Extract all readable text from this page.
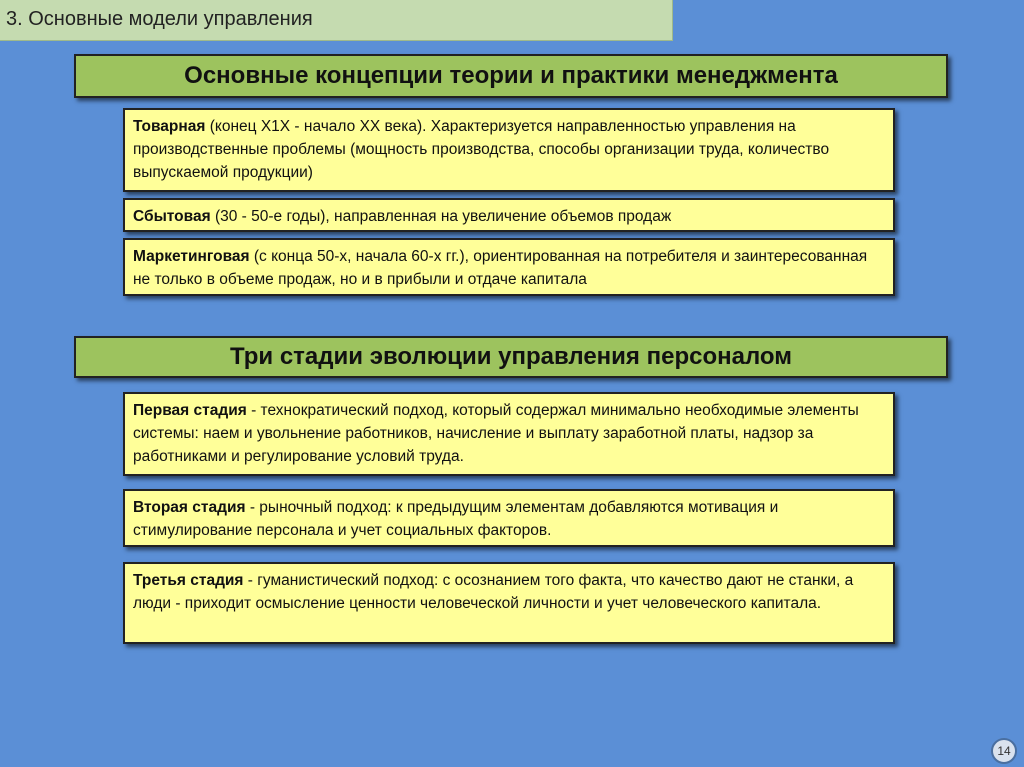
3. Основные модели управления
Основные концепции теории и практики менеджмента
Товарная (конец X1X - начало XX века). Характеризуется направленностью управления на производственные проблемы (мощность производства, способы организации труда, количество выпускаемой продукции)
Сбытовая (30 - 50-е годы), направленная на увеличение объемов продаж
Маркетинговая (с конца 50-х, начала 60-х гг.), ориентированная на потребителя и заинтересованная не только в объеме продаж, но и в прибыли и отдаче капитала
Три стадии эволюции управления персоналом
Первая стадия - технократический подход, который содержал минимально необходимые элементы системы: наем и увольнение работников, начисление и выплату заработной платы, надзор за работниками и регулирование условий труда.
Вторая стадия - рыночный подход: к предыдущим элементам добавляются мотивация и стимулирование персонала и учет социальных факторов.
Третья стадия - гуманистический подход: с осознанием того факта, что качество дают не станки, а люди - приходит осмысление ценности человеческой личности и учет человеческого капитала.
14
